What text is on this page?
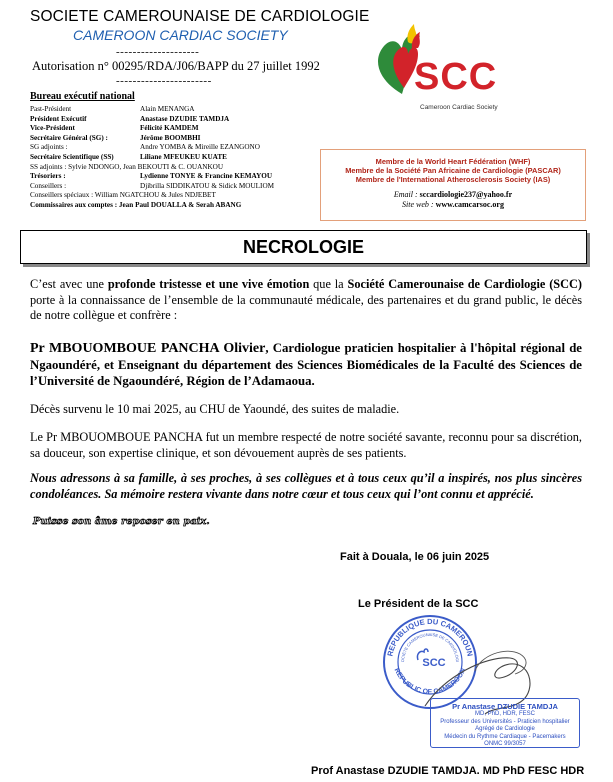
SOCIETE CAMEROUNAISE DE CARDIOLOGIE
CAMEROON CARDIAC SOCIETY
--------------------
Autorisation n° 00295/RDA/J06/BAPP du 27 juillet 1992
-----------------------
Bureau exécutif national
Past-Président	Alain MENANGA
Président Exécutif	Anastase DZUDIE TAMDJA
Vice-Président	Félicité KAMDEM
Secrétaire Général (SG) :	Jérôme BOOMBHI
SG adjoints :	Andre YOMBA & Mireille EZANGONO
Secrétaire Scientifique (SS)	Liliane MFEUKEU KUATE
SS adjoints : Sylvie NDONGO, Jean BEKOUTI & C. OUANKOU
Trésoriers :	Lydienne TONYE & Francine KEMAYOU
Conseillers :	Djibrilla SIDDIKATOU & Sidick MOULIOM
Conseillers spéciaux : William NGATCHOU & Jules NDJEBET
Commissaires aux comptes : Jean Paul DOUALLA & Serah ABANG
SCC
Cameroon Cardiac Society
Membre de la World Heart Fédération (WHF)
Membre de la Société Pan Africaine de Cardiologie (PASCAR)
Membre de l'International Atherosclerosis Society (IAS)
Email : sccardiologie237@yahoo.fr
Site web : www.camcarsoc.org
NECROLOGIE
C’est avec une profonde tristesse et une vive émotion que la Société Camerounaise de Cardiologie (SCC) porte à la connaissance de l’ensemble de la communauté médicale, des partenaires et du grand public, le décès de notre collègue et confrère :
Pr MBOUOMBOUE PANCHA Olivier, Cardiologue praticien hospitalier à l'hôpital régional de Ngaoundéré, et Enseignant du département des Sciences Biomédicales de la Faculté des Sciences de l’Université de Ngaoundéré, Région de l’Adamaoua.
Décès survenu le 10 mai 2025, au CHU de Yaoundé, des suites de maladie.
Le Pr MBOUOMBOUE PANCHA fut un membre respecté de notre société savante, reconnu pour sa discrétion, sa douceur, son expertise clinique, et son dévouement auprès de ses patients.
Nous adressons à sa famille, à ses proches, à ses collègues et à tous ceux qu’il a inspirés, nos plus sincères condoléances. Sa mémoire restera vivante dans notre cœur et tous ceux qui l’ont connu et apprécié.
Puisse son âme reposer en paix.
Fait à Douala, le 06 juin 2025
Le Président de la SCC
REPUBLIQUE DU CAMEROUN
REPUBLIC OF CAMEROON
OCIETE CAMEROUNAISE DE CARDIOLOGI
SCC
Pr Anastase DZUDIE TAMDJA
MD, PhD, HDR, FESC
Professeur des Universités - Praticien hospitalier
Agrégé de Cardiologie
Médecin du Rythme Cardiaque - Pacemakers
ONMC 99/3057
Prof Anastase DZUDIE TAMDJA. MD PhD FESC HDR
